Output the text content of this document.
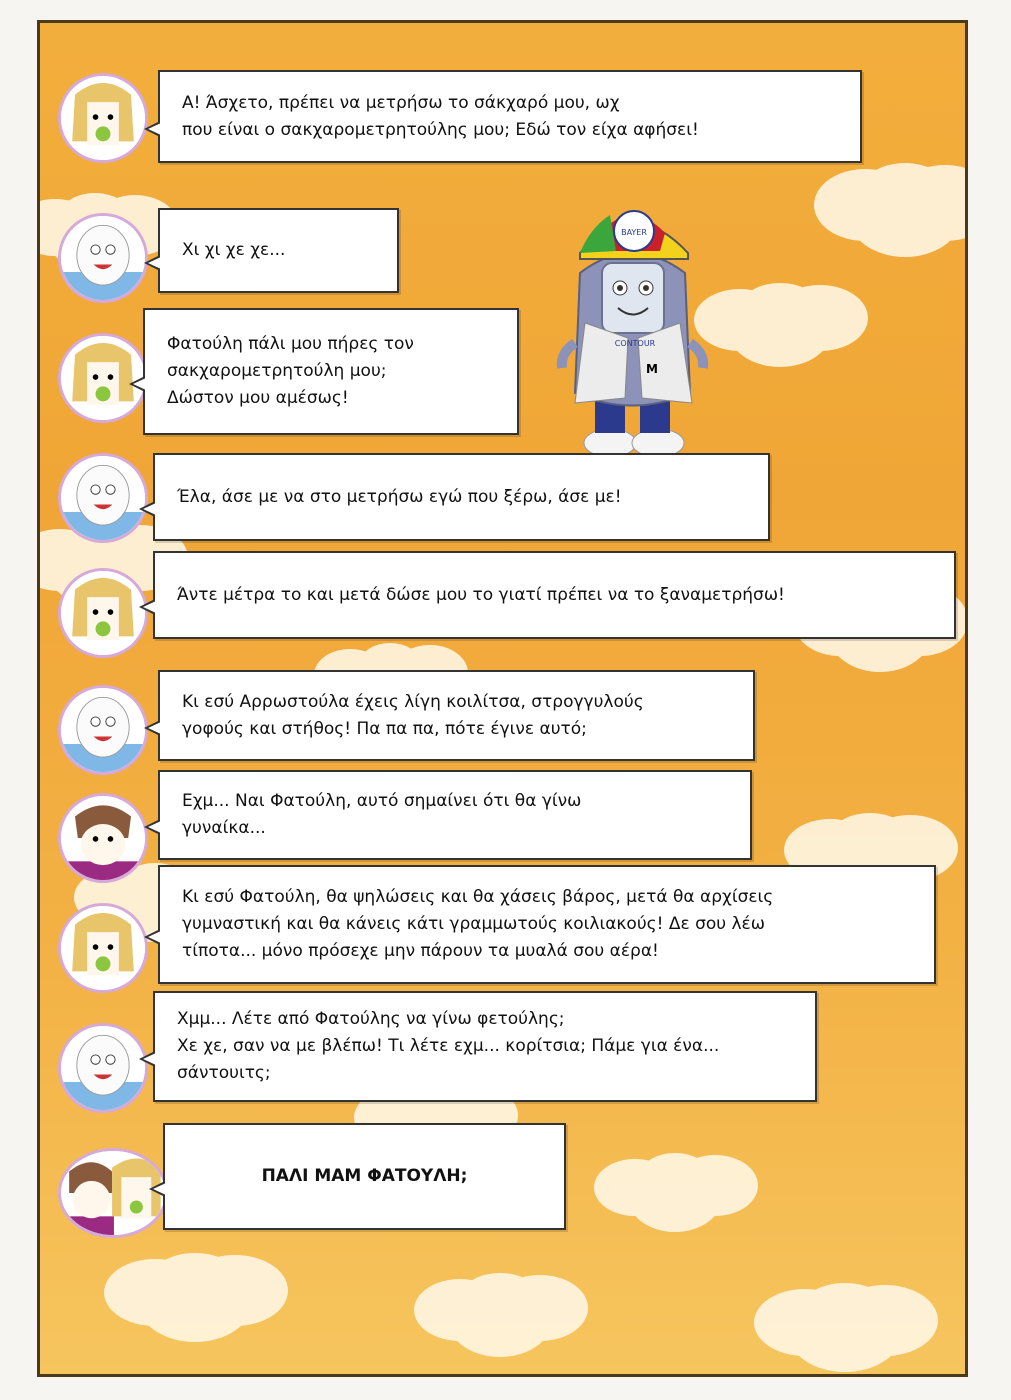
M
CONTOUR
BAYER
Α! Άσχετο, πρέπει να μετρήσω το σάκχαρό μου, ωχ
που είναι ο σακχαρομετρητούλης μου; Εδώ τον είχα αφήσει!
Χι χι χε χε...
Φατούλη πάλι μου πήρες τον
σακχαρομετρητούλη μου;
Δώστον μου αμέσως!
Έλα, άσε με να στο μετρήσω εγώ που ξέρω, άσε με!
Άντε μέτρα το και μετά δώσε μου το γιατί πρέπει να το ξαναμετρήσω!
Κι εσύ Αρρωστούλα έχεις λίγη κοιλίτσα, στρογγυλούς
γοφούς και στήθος! Πα πα πα, πότε έγινε αυτό;
Εχμ... Ναι Φατούλη, αυτό σημαίνει ότι θα γίνω
γυναίκα...
Κι εσύ Φατούλη, θα ψηλώσεις και θα χάσεις βάρος, μετά θα αρχίσεις
γυμναστική και θα κάνεις κάτι γραμμωτούς κοιλιακούς! Δε σου λέω
τίποτα... μόνο πρόσεχε μην πάρουν τα μυαλά σου αέρα!
Χμμ... Λέτε από Φατούλης να γίνω φετούλης;
Χε χε, σαν να με βλέπω! Τι λέτε εχμ... κορίτσια; Πάμε για ένα...
σάντουιτς;
ΠΑΛΙ ΜΑΜ ΦΑΤΟΥΛΗ;
